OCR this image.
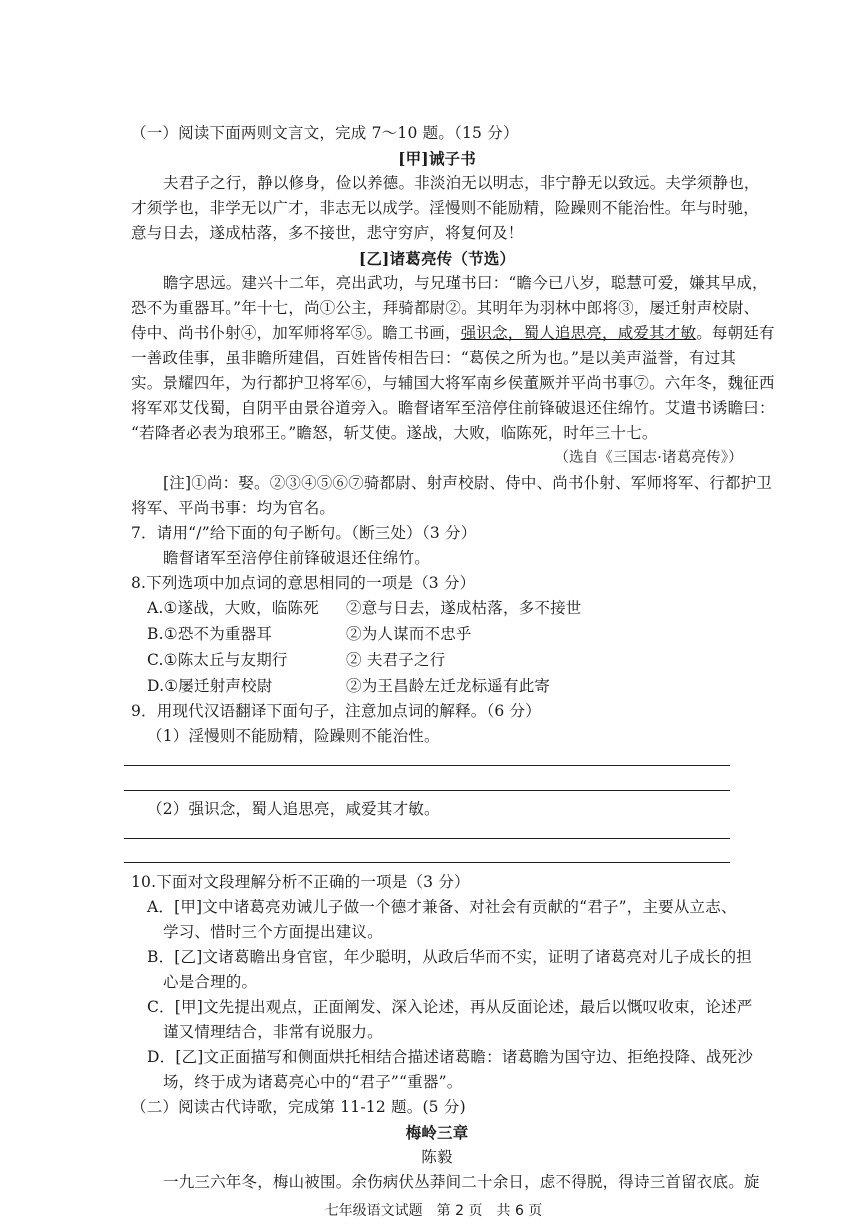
（一）阅读下面两则文言文，完成 7～10 题。（15 分）
[甲]诫子书
夫君子之行，静以修身，俭以养德。非淡泊无以明志，非宁静无以致远。夫学须静也，
才须学也，非学无以广才，非志无以成学。淫慢则不能励精，险躁则不能治性。年与时驰，
意与日去，遂成枯落，多不接世，悲守穷庐，将复何及！
[乙]诸葛亮传（节选）
瞻字思远。建兴十二年，亮出武功，与兄瑾书曰：“瞻今已八岁，聪慧可爱，嫌其早成，
恐不为重器耳。”年十七，尚①公主，拜骑都尉②。其明年为羽林中郎将③，屡迁射声校尉、
侍中、尚书仆射④，加军师将军⑤。瞻工书画，强识念，蜀人追思亮，咸爱其才敏。每朝廷有
一善政佳事，虽非瞻所建倡，百姓皆传相告曰：“葛侯之所为也。”是以美声溢誉，有过其
实。景耀四年，为行都护卫将军⑥，与辅国大将军南乡侯董厥并平尚书事⑦。六年冬，魏征西
将军邓艾伐蜀，自阴平由景谷道旁入。瞻督诸军至涪停住前锋破退还住绵竹。艾遣书诱瞻曰：
“若降者必表为琅邪王。”瞻怒，斩艾使。遂战，大败，临陈死，时年三十七。
（选自《三国志·诸葛亮传》）
[注]①尚：娶。②③④⑤⑥⑦骑都尉、射声校尉、侍中、尚书仆射、军师将军、行都护卫
将军、平尚书事：均为官名。
7．请用“/”给下面的句子断句。（断三处）（3 分）
瞻督诸军至涪停住前锋破退还住绵竹。
8.下列选项中加点词的意思相同的一项是（3 分）
A.①遂战，大败，临陈死 ②意与日去，遂成枯落，多不接世
B.①恐不为重器耳	②为人谋而不忠乎
C.①陈太丘与友期行	② 夫君子之行
D.①屡迁射声校尉	②为王昌龄左迁龙标遥有此寄
9．用现代汉语翻译下面句子，注意加点词的解释。（6 分）
（1）淫慢则不能励精，险躁则不能治性。
（2）强识念，蜀人追思亮，咸爱其才敏。
10.下面对文段理解分析不正确的一项是（3 分）
A．[甲]文中诸葛亮劝诫儿子做一个德才兼备、对社会有贡献的“君子”，主要从立志、
学习、惜时三个方面提出建议。
B．[乙]文诸葛瞻出身官宦，年少聪明，从政后华而不实，证明了诸葛亮对儿子成长的担
心是合理的。
C．[甲]文先提出观点，正面阐发、深入论述，再从反面论述，最后以慨叹收束，论述严
谨又情理结合，非常有说服力。
D．[乙]文正面描写和侧面烘托相结合描述诸葛瞻：诸葛瞻为国守边、拒绝投降、战死沙
场，终于成为诸葛亮心中的“君子”“重器”。
（二）阅读古代诗歌，完成第 11-12 题。(5 分)
梅岭三章
陈毅
一九三六年冬，梅山被围。余伤病伏丛莽间二十余日，虑不得脱，得诗三首留衣底。旋
七年级语文试题　第 2 页　共 6 页
